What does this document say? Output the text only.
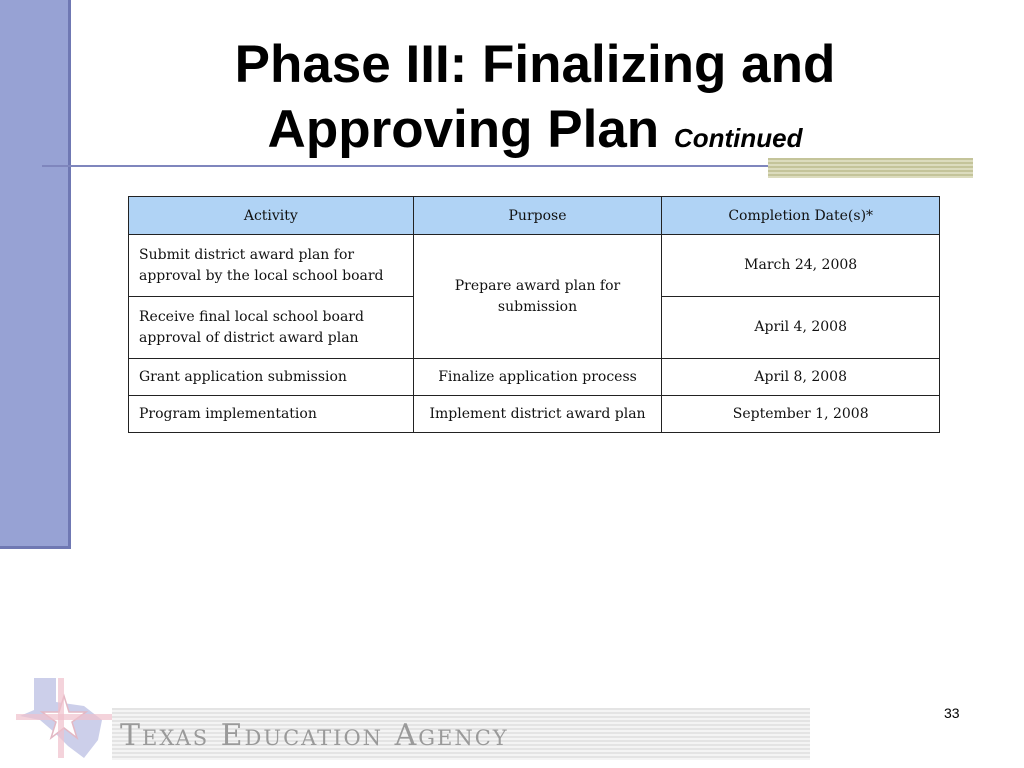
Phase III: Finalizing and
Approving Plan Continued
Activity	Purpose	Completion Date(s)*
Submit district award plan for approval by the local school board	Prepare award plan for submission	March 24, 2008
Receive final local school board approval of district award plan		April 4, 2008
Grant application submission	Finalize application process	April 8, 2008
Program implementation	Implement district award plan	September 1, 2008
Texas Education Agency
33
